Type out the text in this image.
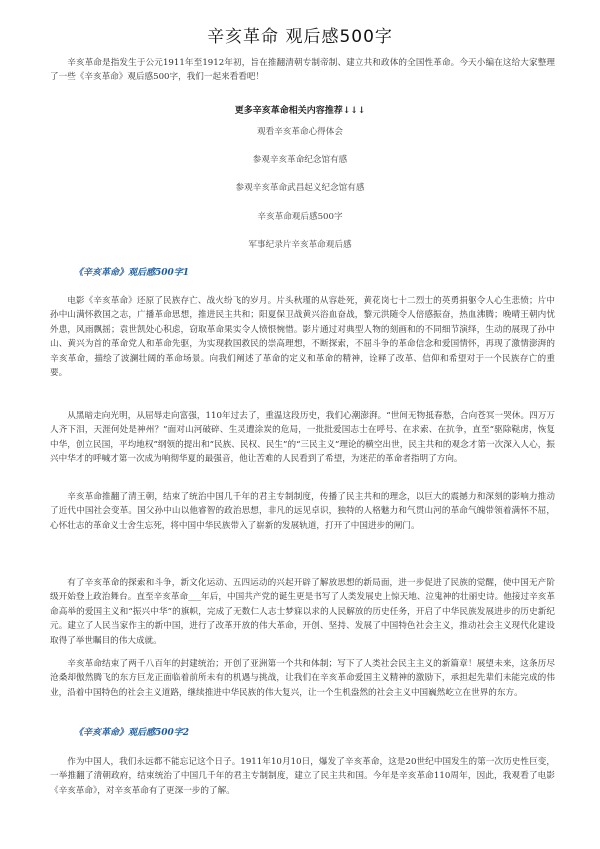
辛亥革命 观后感500字

辛亥革命是指发生于公元1911年至1912年初，旨在推翻清朝专制帝制、建立共和政体的全国性革命。今天小编在这给大家整理了一些《辛亥革命》观后感500字，我们一起来看看吧！

更多辛亥革命相关内容推荐↓↓↓
观看辛亥革命心得体会
参观辛亥革命纪念馆有感
参观辛亥革命武昌起义纪念馆有感
辛亥革命观后感500字
军事纪录片辛亥革命观后感
《辛亥革命》观后感500字1

电影《辛亥革命》还原了民族存亡、战火纷飞的岁月。片头秋瑾的从容赴死，黄花岗七十二烈士的英勇捐躯令人心生悲愤；片中孙中山满怀救国之志，广播革命思想，推进民主共和；阳夏保卫战黄兴浴血奋战，黎元洪随令人倍感振奋，热血沸腾；晚晴王朝内忧外患，风雨飘摇；袁世凯处心积虑，窃取革命果实令人愤恨惋惜。影片通过对典型人物的刻画和的不同细节演绎，生动的展现了孙中山、黄兴为首的革命党人和革命先驱，为实现救国救民的崇高理想，不断探索，不屈斗争的革命信念和爱国情怀，再现了激情澎湃的辛亥革命，描绘了波澜壮阔的革命场景。向我们阐述了革命的定义和革命的精神，诠释了改革、信仰和希望对于一个民族存亡的重要。

从黑暗走向光明，从屈辱走向富强，110年过去了，重温这段历史，我们心潮澎湃。“世间无物抵春愁，合向苍冥一哭休。四万万人齐下泪，天涯何处是神州？”面对山河破碎、生灵遭涂炭的危局，一批批爱国志士在呼号、在求索、在抗争，直至“驱除鞑虏，恢复中华，创立民国，平均地权”纲领的提出和“民族、民权、民生”的“三民主义”理论的横空出世，民主共和的观念才第一次深入人心，振兴中华才的呼喊才第一次成为响彻华夏的最强音，他让苦难的人民看到了希望，为迷茫的革命者指明了方向。

辛亥革命推翻了清王朝，结束了统治中国几千年的君主专制制度，传播了民主共和的理念，以巨大的震撼力和深刻的影响力推动了近代中国社会变革。国父孙中山以他睿智的政治思想，非凡的远见卓识，独特的人格魅力和气贯山河的革命气魄带领着满怀不屈，心怀壮志的革命义士舍生忘死，将中国中华民族带入了崭新的发展轨道，打开了中国进步的闸门。

有了辛亥革命的探索和斗争，新文化运动、五四运动的兴起开辟了解放思想的新局面，进一步促进了民族的觉醒，使中国无产阶级开始登上政治舞台。直至辛亥革命___年后，中国共产党的诞生更是书写了人类发展史上惊天地、泣鬼神的壮丽史诗。他接过辛亥革命高举的爱国主义和“振兴中华”的旗帜，完成了无数仁人志士梦寐以求的人民解放的历史任务，开启了中华民族发展进步的历史新纪元。建立了人民当家作主的新中国，进行了改革开放的伟大革命，开创、坚持、发展了中国特色社会主义，推动社会主义现代化建设取得了举世瞩目的伟大成就。

辛亥革命结束了两千八百年的封建统治；开创了亚洲第一个共和体制；写下了人类社会民主主义的新篇章！展望未来，这条历尽沧桑却傲然腾飞的东方巨龙正面临着前所未有的机遇与挑战，让我们在辛亥革命爱国主义精神的激励下，承担起先辈们未能完成的伟业，沿着中国特色的社会主义道路，继续推进中华民族的伟大复兴，让一个生机盎然的社会主义中国巍然屹立在世界的东方。

《辛亥革命》观后感500字2

作为中国人，我们永远都不能忘记这个日子。1911年10月10日，爆发了辛亥革命，这是20世纪中国发生的第一次历史性巨变，一举推翻了清朝政府，结束统治了中国几千年的君主专制制度，建立了民主共和国。今年是辛亥革命110周年，因此，我观看了电影《辛亥革命》，对辛亥革命有了更深一步的了解。
